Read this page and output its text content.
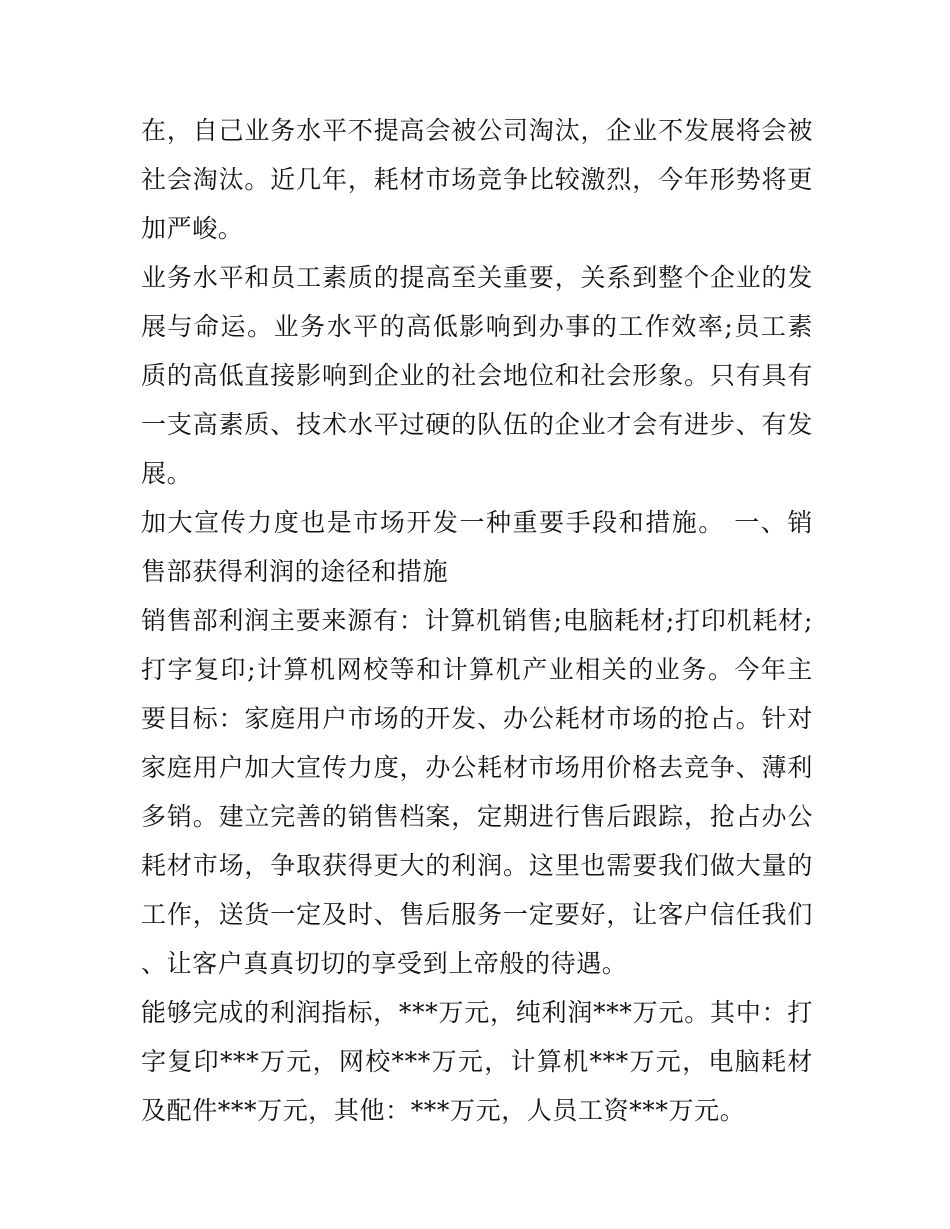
在，自己业务水平不提高会被公司淘汰，企业不发展将会被社会淘汰。近几年，耗材市场竞争比较激烈，今年形势将更加严峻。

业务水平和员工素质的提高至关重要，关系到整个企业的发展与命运。业务水平的高低影响到办事的工作效率;员工素质的高低直接影响到企业的社会地位和社会形象。只有具有一支高素质、技术水平过硬的队伍的企业才会有进步、有发展。

加大宣传力度也是市场开发一种重要手段和措施。 一、销售部获得利润的途径和措施

销售部利润主要来源有：计算机销售;电脑耗材;打印机耗材;打字复印;计算机网校等和计算机产业相关的业务。今年主要目标：家庭用户市场的开发、办公耗材市场的抢占。针对家庭用户加大宣传力度，办公耗材市场用价格去竞争、薄利多销。建立完善的销售档案，定期进行售后跟踪，抢占办公耗材市场，争取获得更大的利润。这里也需要我们做大量的工作，送货一定及时、售后服务一定要好，让客户信任我们、让客户真真切切的享受到上帝般的待遇。

能够完成的利润指标，***万元，纯利润***万元。其中：打字复印***万元，网校***万元，计算机***万元，电脑耗材及配件***万元，其他：***万元，人员工资***万元。
